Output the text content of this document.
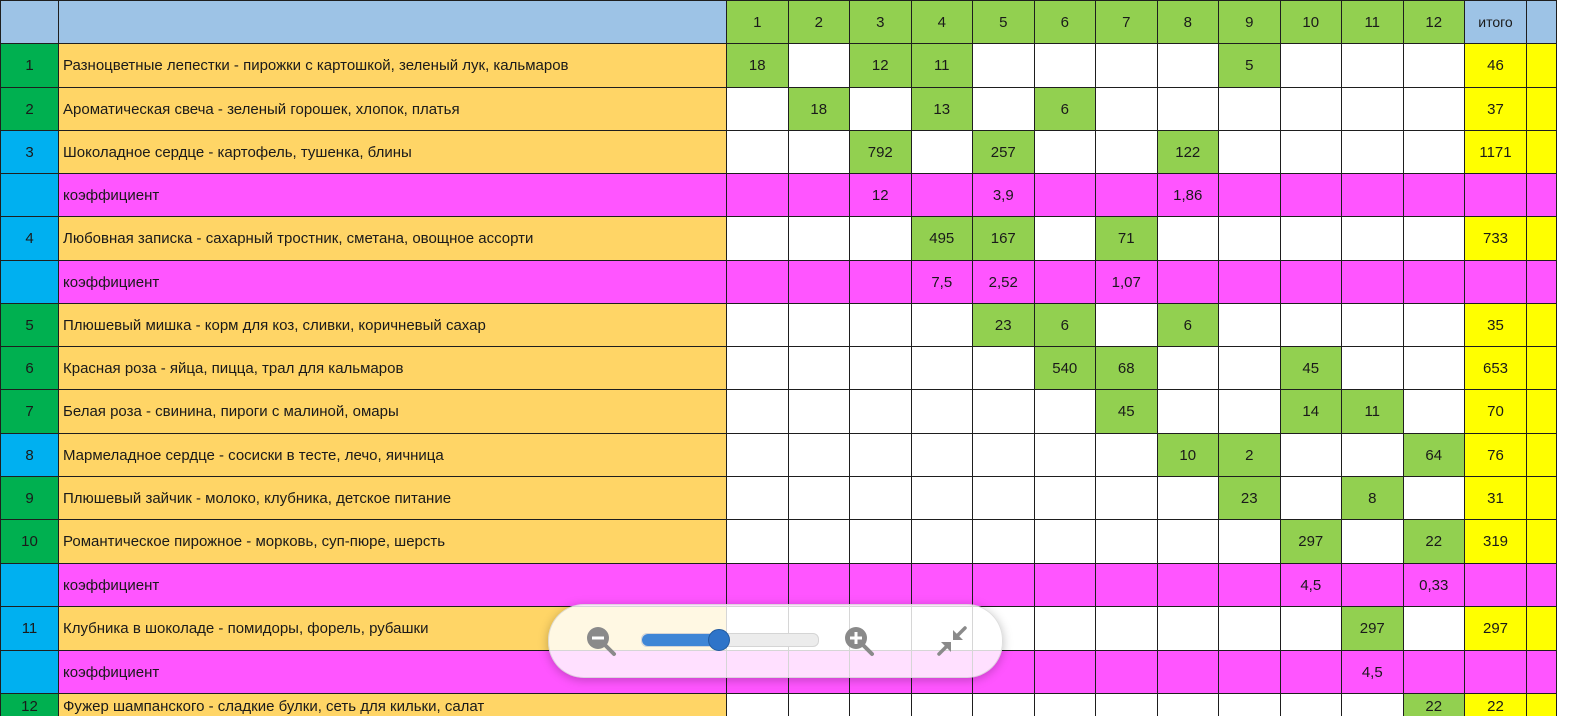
		1	2	3	4	5	6	7	8	9	10	11	12	итого	
1	Разноцветные лепестки - пирожки с картошкой, зеленый лук, кальмаров	18		12	11					5				46	
2	Ароматическая свеча - зеленый горошек, хлопок, платья		18		13		6							37	
3	Шоколадное сердце - картофель, тушенка, блины			792		257			122					1171	
	коэффициент			12		3,9			1,86						
4	Любовная записка - сахарный тростник, сметана, овощное ассорти				495	167		71						733	
	коэффициент				7,5	2,52		1,07							
5	Плюшевый мишка - корм для коз, сливки, коричневый сахар					23	6		6					35	
6	Красная роза - яйца, пицца, трал для кальмаров						540	68			45			653	
7	Белая роза - свинина, пироги с малиной, омары							45			14	11		70	
8	Мармеладное сердце - сосиски в тесте, лечо, яичница								10	2			64	76	
9	Плюшевый зайчик - молоко, клубника, детское питание									23		8		31	
10	Романтическое пирожное - морковь, суп-пюре, шерсть										297		22	319	
	коэффициент										4,5		0,33		
11	Клубника в шоколаде - помидоры, форель, рубашки											297		297	
	коэффициент											4,5			
12	Фужер шампанского - сладкие булки, сеть для кильки, салат												22	22	
